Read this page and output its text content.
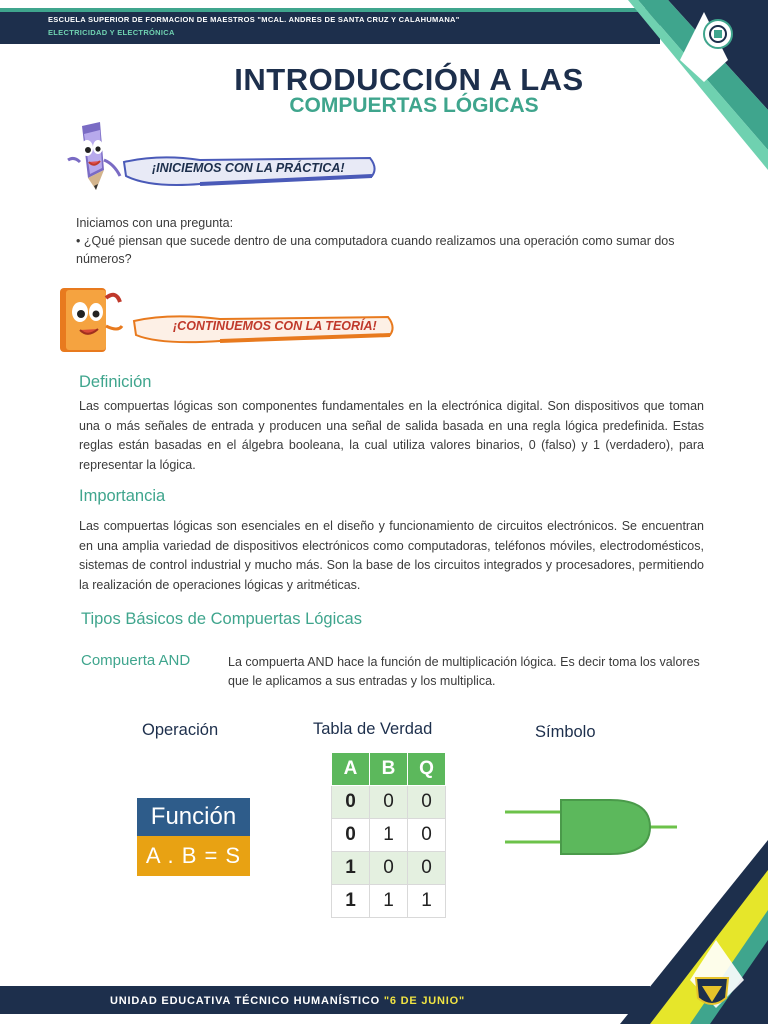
ESCUELA SUPERIOR DE FORMACION DE MAESTROS "MCAL. ANDRES DE SANTA CRUZ Y CALAHUMANA"
ELECTRICIDAD Y ELECTRÓNICA
INTRODUCCIÓN A LAS
COMPUERTAS LÓGICAS
¡INICIEMOS CON LA PRÁCTICA!
Iniciamos con una pregunta:
• ¿Qué piensan que sucede dentro de una computadora cuando realizamos una operación como sumar dos números?
¡CONTINUEMOS CON LA TEORÍA!
Definición
Las compuertas lógicas son componentes fundamentales en la electrónica digital. Son dispositivos que toman una o más señales de entrada y producen una señal de salida basada en una regla lógica predefinida. Estas reglas están basadas en el álgebra booleana, la cual utiliza valores binarios, 0 (falso) y 1 (verdadero), para representar la lógica.
Importancia
Las compuertas lógicas son esenciales en el diseño y funcionamiento de circuitos electrónicos. Se encuentran en una amplia variedad de dispositivos electrónicos como computadoras, teléfonos móviles, electrodomésticos, sistemas de control industrial y mucho más. Son la base de los circuitos integrados y procesadores, permitiendo la realización de operaciones lógicas y aritméticas.
Tipos Básicos de Compuertas Lógicas
Compuerta AND	La compuerta AND hace la función de multiplicación lógica. Es decir toma los valores que le aplicamos a sus entradas y los multiplica.
Operación	Tabla de Verdad	Símbolo
Función
A . B = S
A	B	Q
0	0	0
0	1	0
1	0	0
1	1	1
UNIDAD EDUCATIVA TÉCNICO HUMANÍSTICO "6 DE JUNIO"
